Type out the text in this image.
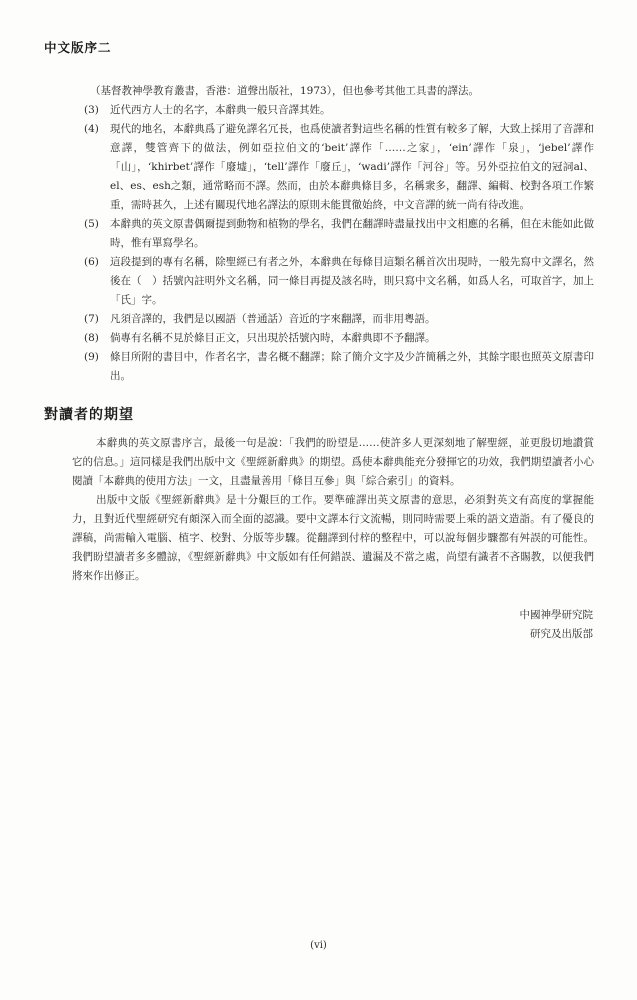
中文版序二
（基督教神學教育叢書，香港：道聲出版社，1973），但也參考其他工具書的譯法。
(3) 近代西方人士的名字，本辭典一般只音譯其姓。
(4) 現代的地名，本辭典爲了避免譯名冗長，也爲使讀者對這些名稱的性質有較多了解，大致上採用了音譯和意譯，雙管齊下的做法，例如亞拉伯文的‘beit’譯作「……之家」，‘ein’譯作「泉」，‘jebel’譯作「山」，‘khirbet’譯作「廢墟」，‘tell’譯作「廢丘」，‘wadi’譯作「河谷」等。另外亞拉伯文的冠詞al、el、es、esh之類，通常略而不譯。然而，由於本辭典條目多，名稱衆多，翻譯、編輯、校對各項工作繁重，需時甚久，上述有關現代地名譯法的原則未能貫徹始終，中文音譯的統一尚有待改進。
(5) 本辭典的英文原書偶爾提到動物和植物的學名，我們在翻譯時盡量找出中文相應的名稱，但在未能如此做時，惟有單寫學名。
(6) 這段提到的專有名稱，除聖經已有者之外，本辭典在每條目這類名稱首次出現時，一般先寫中文譯名，然後在（　）括號內註明外文名稱，同一條目再提及該名時，則只寫中文名稱，如爲人名，可取首字，加上「氏」字。
(7) 凡須音譯的，我們是以國語（普通話）音近的字來翻譯，而非用粵語。
(8) 倘專有名稱不見於條目正文，只出現於括號內時，本辭典即不予翻譯。
(9) 條目所附的書目中，作者名字，書名概不翻譯；除了簡介文字及少許簡稱之外，其餘字眼也照英文原書印出。
對讀者的期望

本辭典的英文原書序言，最後一句是說：「我們的盼望是……使許多人更深刻地了解聖經，並更殷切地讚賞它的信息。」這同樣是我們出版中文《聖經新辭典》的期望。爲使本辭典能充分發揮它的功效，我們期望讀者小心閱讀「本辭典的使用方法」一文，且盡量善用「條目互參」與「綜合索引」的資料。

出版中文版《聖經新辭典》是十分艱巨的工作。要準確譯出英文原書的意思，必須對英文有高度的掌握能力，且對近代聖經研究有頗深入而全面的認識。要中文譯本行文流暢，則同時需要上乘的語文造詣。有了優良的譯稿，尚需輸入電腦、植字、校對、分版等步驟。從翻譯到付梓的整程中，可以說每個步驟都有舛誤的可能性。我們盼望讀者多多體諒，《聖經新辭典》中文版如有任何錯誤、遺漏及不當之處，尚望有識者不吝賜教，以便我們將來作出修正。

中國神學研究院
研究及出版部
(vi)
